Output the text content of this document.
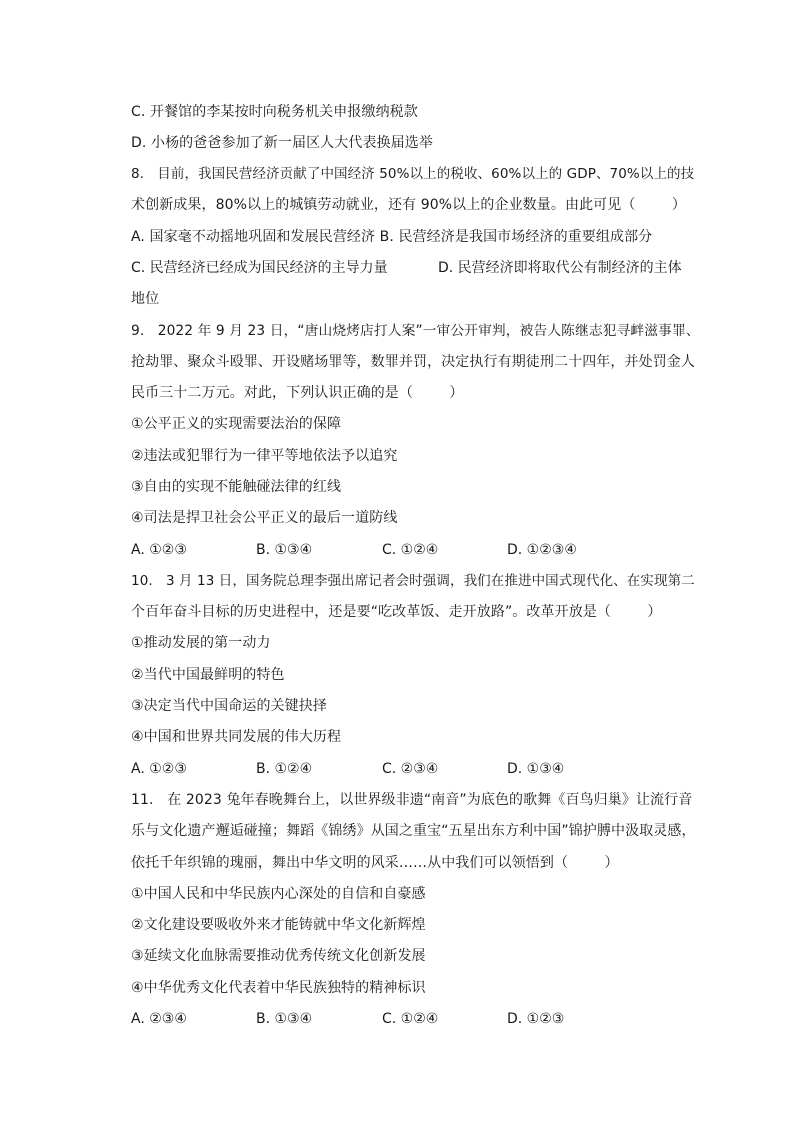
C. 开餐馆的李某按时向税务机关申报缴纳税款
D. 小杨的爸爸参加了新一届区人大代表换届选举
8.   目前，我国民营经济贡献了中国经济 50%以上的税收、60%以上的 GDP、70%以上的技
术创新成果，80%以上的城镇劳动就业，还有 90%以上的企业数量。由此可见（        ）
A. 国家毫不动摇地巩固和发展民营经济 B. 民营经济是我国市场经济的重要组成部分
C. 民营经济已经成为国民经济的主导力量	D. 民营经济即将取代公有制经济的主体
地位
9.   2022 年 9 月 23 日，“唐山烧烤店打人案”一审公开审判，被告人陈继志犯寻衅滋事罪、
抢劫罪、聚众斗殴罪、开设赌场罪等，数罪并罚，决定执行有期徒刑二十四年，并处罚金人
民币三十二万元。对此，下列认识正确的是（        ）
①公平正义的实现需要法治的保障
②违法或犯罪行为一律平等地依法予以追究
③自由的实现不能触碰法律的红线
④司法是捍卫社会公平正义的最后一道防线
A. ①②③	B. ①③④	C. ①②④	D. ①②③④
10.   3 月 13 日，国务院总理李强出席记者会时强调，我们在推进中国式现代化、在实现第二
个百年奋斗目标的历史进程中，还是要“吃改革饭、走开放路”。改革开放是（        ）
①推动发展的第一动力
②当代中国最鲜明的特色
③决定当代中国命运的关键抉择
④中国和世界共同发展的伟大历程
A. ①②③	B. ①②④	C. ②③④	D. ①③④
11.   在 2023 兔年春晚舞台上，以世界级非遗“南音”为底色的歌舞《百鸟归巢》让流行音
乐与文化遗产邂逅碰撞；舞蹈《锦绣》从国之重宝“五星出东方利中国”锦护膊中汲取灵感，
依托千年织锦的瑰丽，舞出中华文明的风采……从中我们可以领悟到（        ）
①中国人民和中华民族内心深处的自信和自豪感
②文化建设要吸收外来才能铸就中华文化新辉煌
③延续文化血脉需要推动优秀传统文化创新发展
④中华优秀文化代表着中华民族独特的精神标识
A. ②③④	B. ①③④	C. ①②④	D. ①②③
